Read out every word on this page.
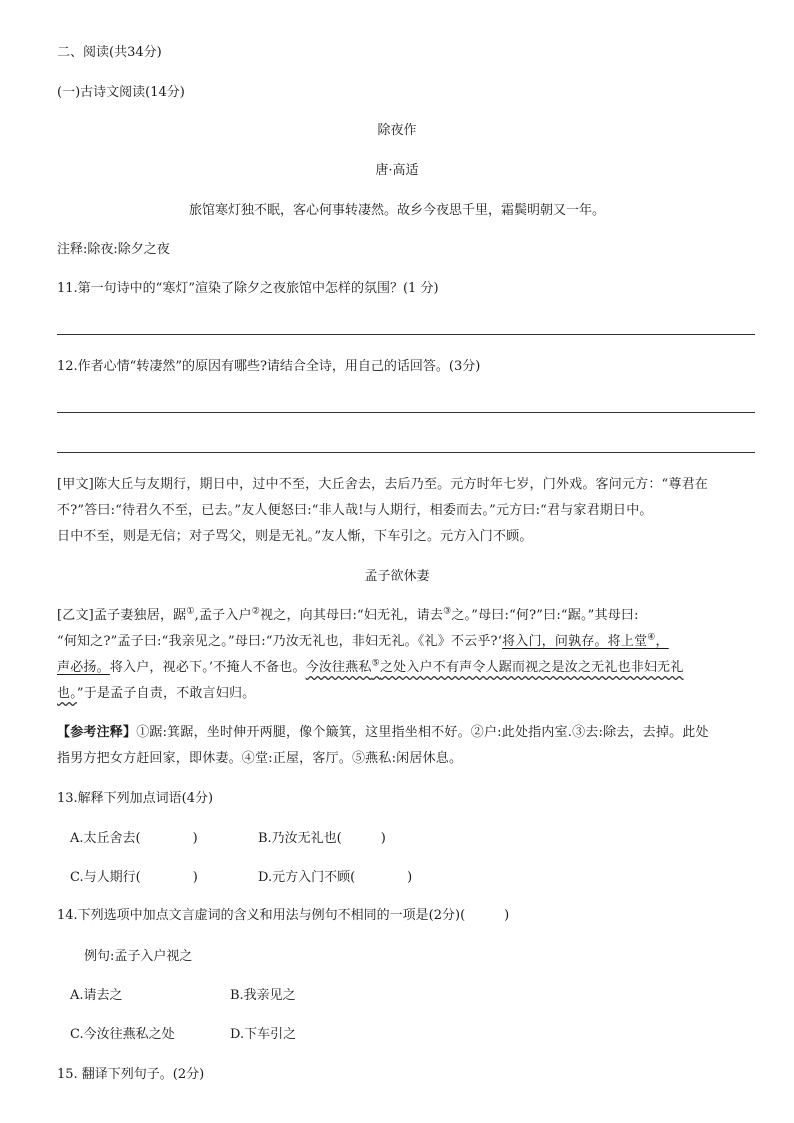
二、阅读(共34分)
(一)古诗文阅读(14分)
除夜作
唐·高适
旅馆寒灯独不眠，客心何事转凄然。故乡今夜思千里，霜鬓明朝又一年。
注释:除夜:除夕之夜
11.第一句诗中的“寒灯”渲染了除夕之夜旅馆中怎样的氛围？(1 分)
12.作者心情“转凄然”的原因有哪些?请结合全诗，用自己的话回答。(3分)
[甲文]陈大丘与友期行，期日中，过中不至，大丘舍去，去后乃至。元方时年七岁，门外戏。客问元方：“尊君在
不?”答曰:“待君久不至，已去。”友人便怒曰:“非人哉!与人期行，相委而去。”元方曰:“君与家君期日中。
日中不至，则是无信；对子骂父，则是无礼。”友人惭，下车引之。元方入门不顾。
孟子欲休妻
[乙文]孟子妻独居，踞①,孟子入户②视之，向其母曰:“妇无礼，请去③之。”母曰:“何?”曰:“踞。”其母曰:
“何知之?”孟子曰:“我亲见之。”母曰:“乃汝无礼也，非妇无礼。《礼》不云乎?‘将入门，问孰存。将上堂④，
声必扬。将入户，视必下。’不掩人不备也。今汝往燕私⑤之处入户不有声令人踞而视之是汝之无礼也非妇无礼
也。”于是孟子自责，不敢言妇归。
【参考注释】①踞:箕踞，坐时伸开两腿，像个簸箕，这里指坐相不好。②户:此处指内室.③去:除去，去掉。此处
指男方把女方赶回家，即休妻。④堂:正屋，客厅。⑤燕私:闲居休息。
13.解释下列加点词语(4分)
A.太丘舍去(　　　　)	B.乃汝无礼也(　　　)
C.与人期行(　　　　)	D.元方入门不顾(　　　　)
14.下列选项中加点文言虚词的含义和用法与例句不相同的一项是(2分)(　　　)
例句:孟子入户视之
A.请去之	B.我亲见之
C.今汝往燕私之处	D.下车引之
15. 翻译下列句子。(2分)
